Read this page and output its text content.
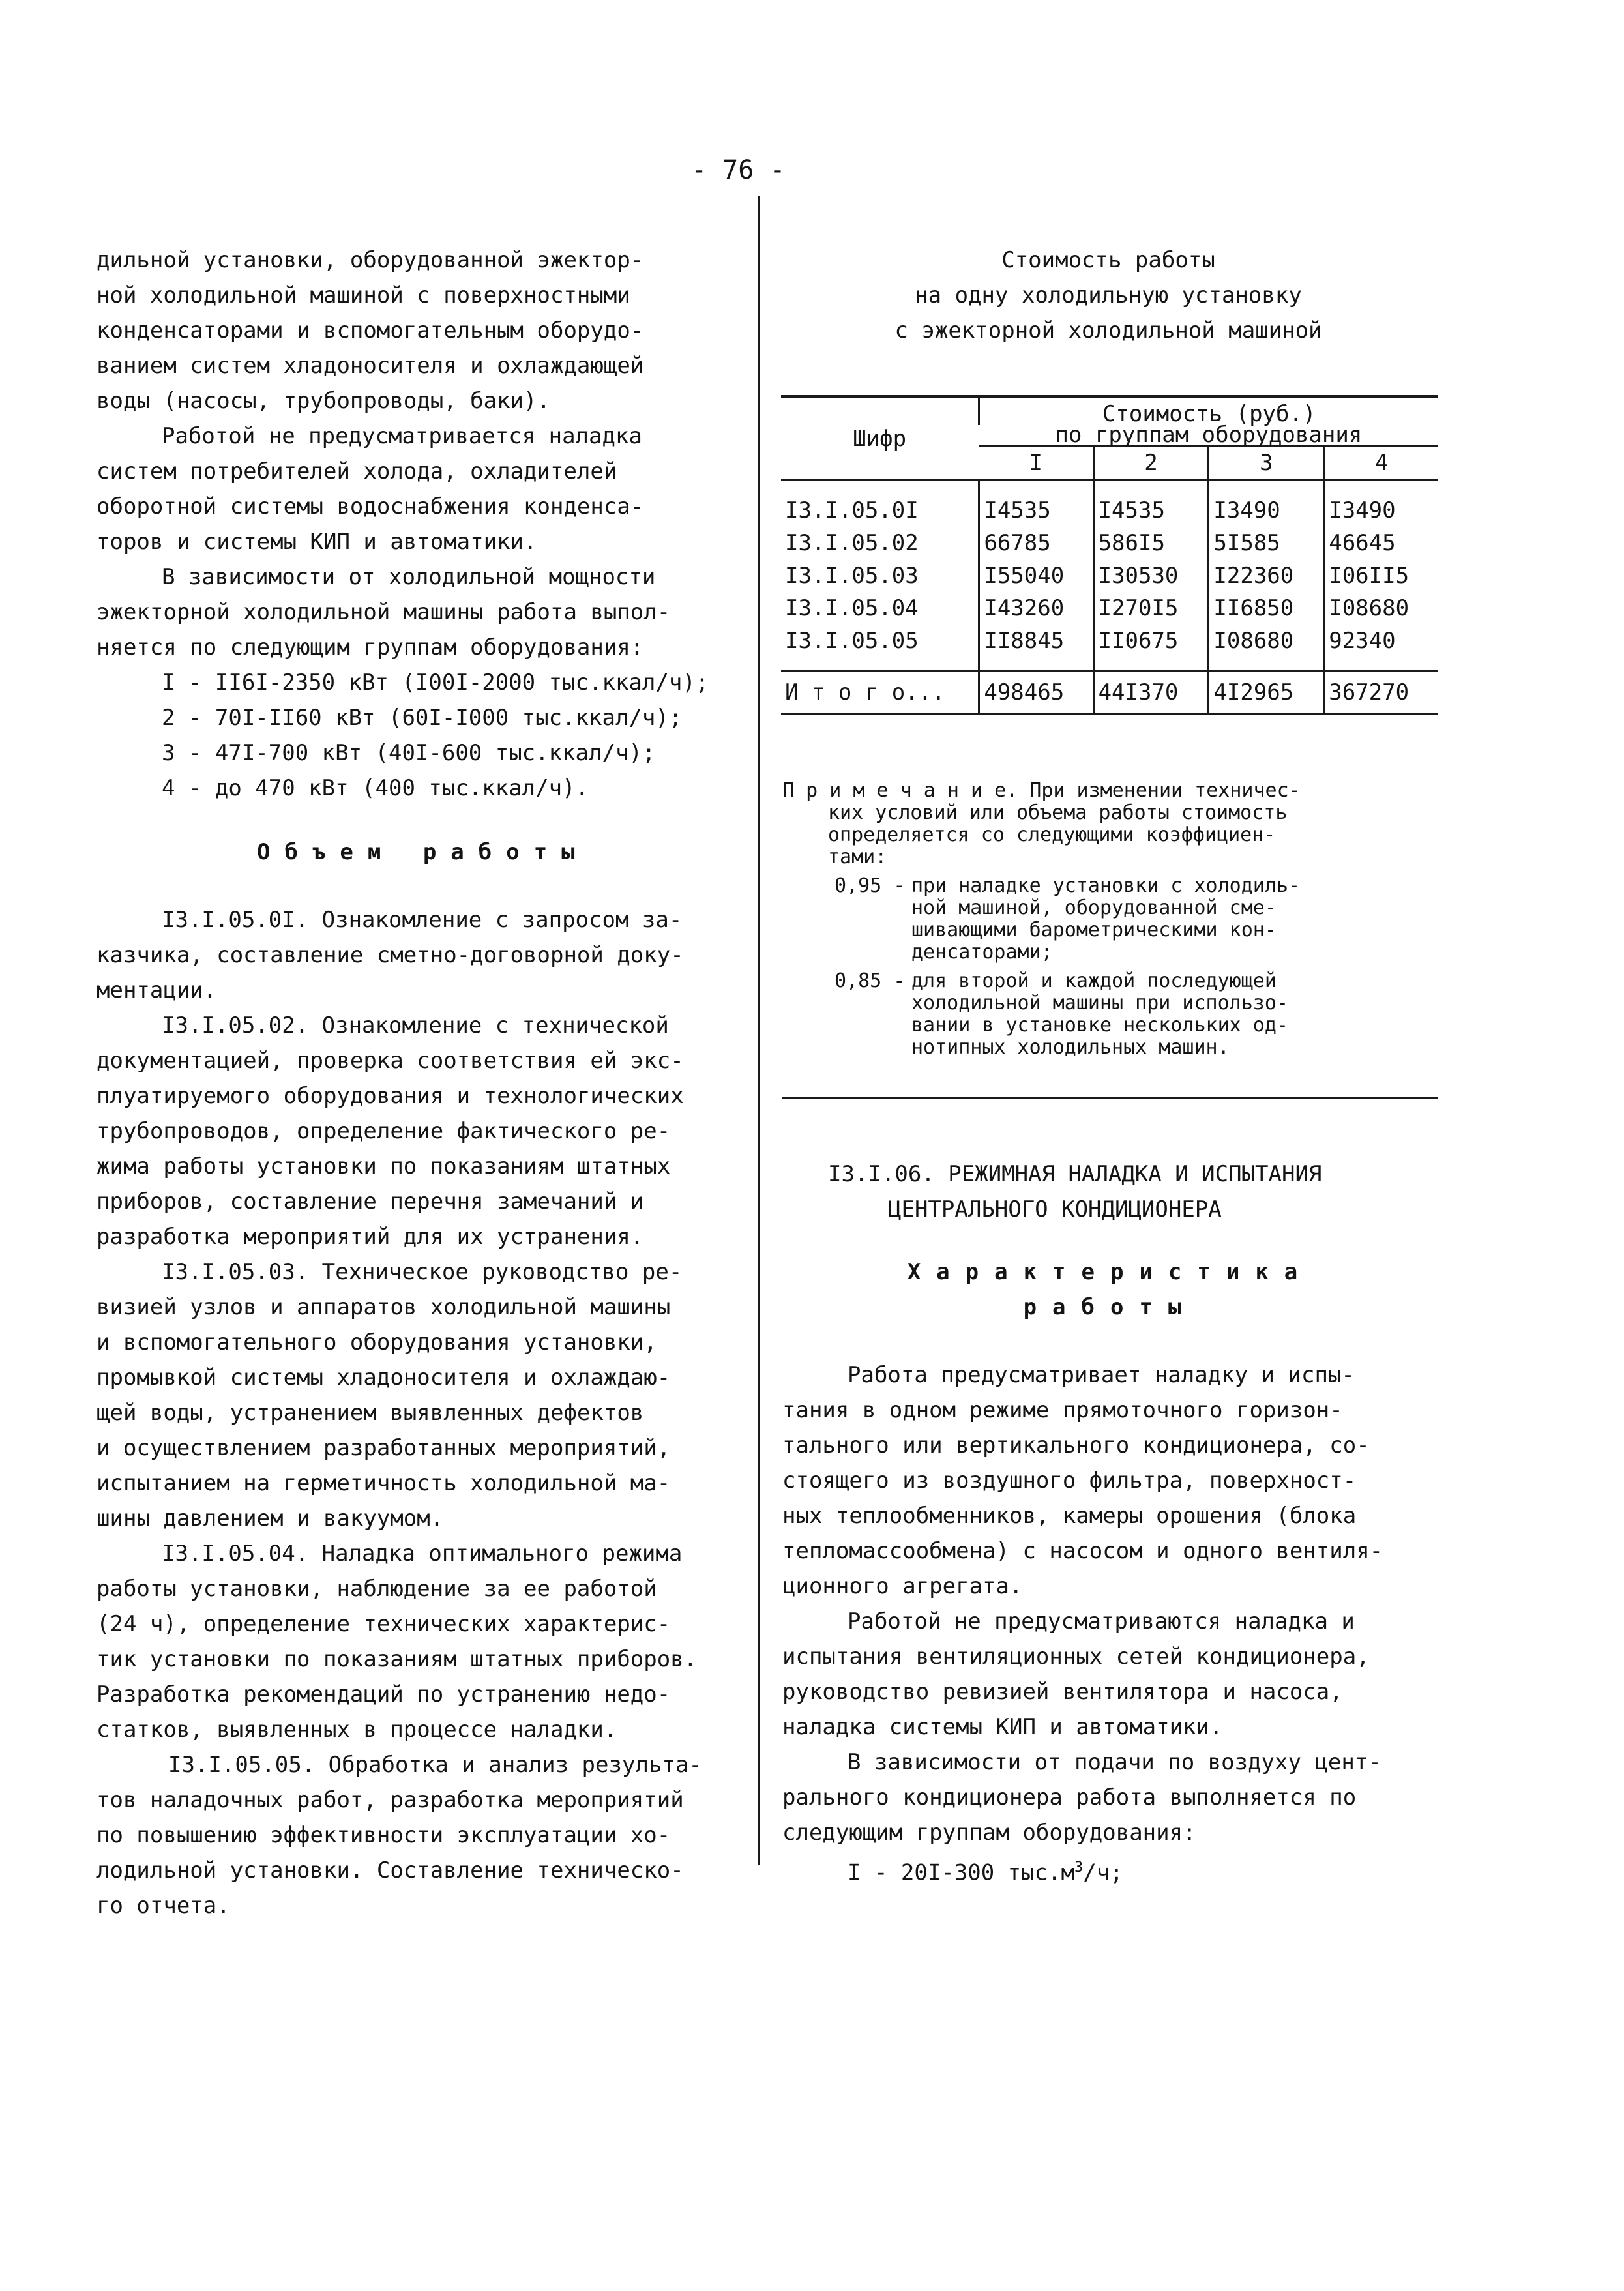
- 76 -

дильной установки, оборудованной эжектор-

ной холодильной машиной с поверхностными

конденсаторами и вспомогательным оборудо-

ванием систем хладоносителя и охлаждающей

воды (насосы, трубопроводы, баки).

Работой не предусматривается наладка

систем потребителей холода, охладителей

оборотной системы водоснабжения конденса-

торов и системы КИП и автоматики.

В зависимости от холодильной мощности

эжекторной холодильной машины работа выпол-

няется по следующим группам оборудования:

I - II6I-2350 кВт (I00I-2000 тыс.ккал/ч);

2 - 70I-II60 кВт (60I-I000 тыс.ккал/ч);

3 - 47I-700 кВт (40I-600 тыс.ккал/ч);

4 - до 470 кВт (400 тыс.ккал/ч).

Объем работы

I3.I.05.0I. Ознакомление с запросом за-

казчика, составление сметно-договорной доку-

ментации.

I3.I.05.02. Ознакомление с технической

документацией, проверка соответствия ей экс-

плуатируемого оборудования и технологических

трубопроводов, определение фактического ре-

жима работы установки по показаниям штатных

приборов, составление перечня замечаний и

разработка мероприятий для их устранения.

I3.I.05.03. Техническое руководство ре-

визией узлов и аппаратов холодильной машины

и вспомогательного оборудования установки,

промывкой системы хладоносителя и охлаждаю-

щей воды, устранением выявленных дефектов

и осуществлением разработанных мероприятий,

испытанием на герметичность холодильной ма-

шины давлением и вакуумом.

I3.I.05.04. Наладка оптимального режима

работы установки, наблюдение за ее работой

(24 ч), определение технических характерис-

тик установки по показаниям штатных приборов.

Разработка рекомендаций по устранению недо-

статков, выявленных в процессе наладки.

I3.I.05.05. Обработка и анализ результа-

тов наладочных работ, разработка мероприятий

по повышению эффективности эксплуатации хо-

лодильной установки. Составление техническо-

го отчета.

Стоимость работы

на одну холодильную установку

с эжекторной холодильной машиной

Шифр	Стоимость (руб.)			
	по группам оборудования			
	I	2	3	4
I3.I.05.0I	I4535	I4535	I3490	I3490
I3.I.05.02	66785	586I5	5I585	46645
I3.I.05.03	I55040	I30530	I22360	I06II5
I3.I.05.04	I43260	I270I5	II6850	I08680
I3.I.05.05	II8845	II0675	I08680	92340
И т о г о...	498465	44I370	4I2965	367270

П р и м е ч а н и е. При изменении техничес-

ких условий или объема работы стоимость

определяется со следующими коэффициен-

тами:

0,95 - при наладке установки с холодиль-

ной машиной, оборудованной сме-

шивающими барометрическими кон-

денсаторами;

0,85 - для второй и каждой последующей

холодильной машины при использо-

вании в установке нескольких од-

нотипных холодильных машин.

I3.I.06. РЕЖИМНАЯ НАЛАДКА И ИСПЫТАНИЯ

ЦЕНТРАЛЬНОГО КОНДИЦИОНЕРА

Характеристика

работы

Работа предусматривает наладку и испы-

тания в одном режиме прямоточного горизон-

тального или вертикального кондиционера, со-

стоящего из воздушного фильтра, поверхност-

ных теплообменников, камеры орошения (блока

тепломассообмена) с насосом и одного вентиля-

ционного агрегата.

Работой не предусматриваются наладка и

испытания вентиляционных сетей кондиционера,

руководство ревизией вентилятора и насоса,

наладка системы КИП и автоматики.

В зависимости от подачи по воздуху цент-

рального кондиционера работа выполняется по

следующим группам оборудования:

I - 20I-300 $тыс.м^3/ч$;
